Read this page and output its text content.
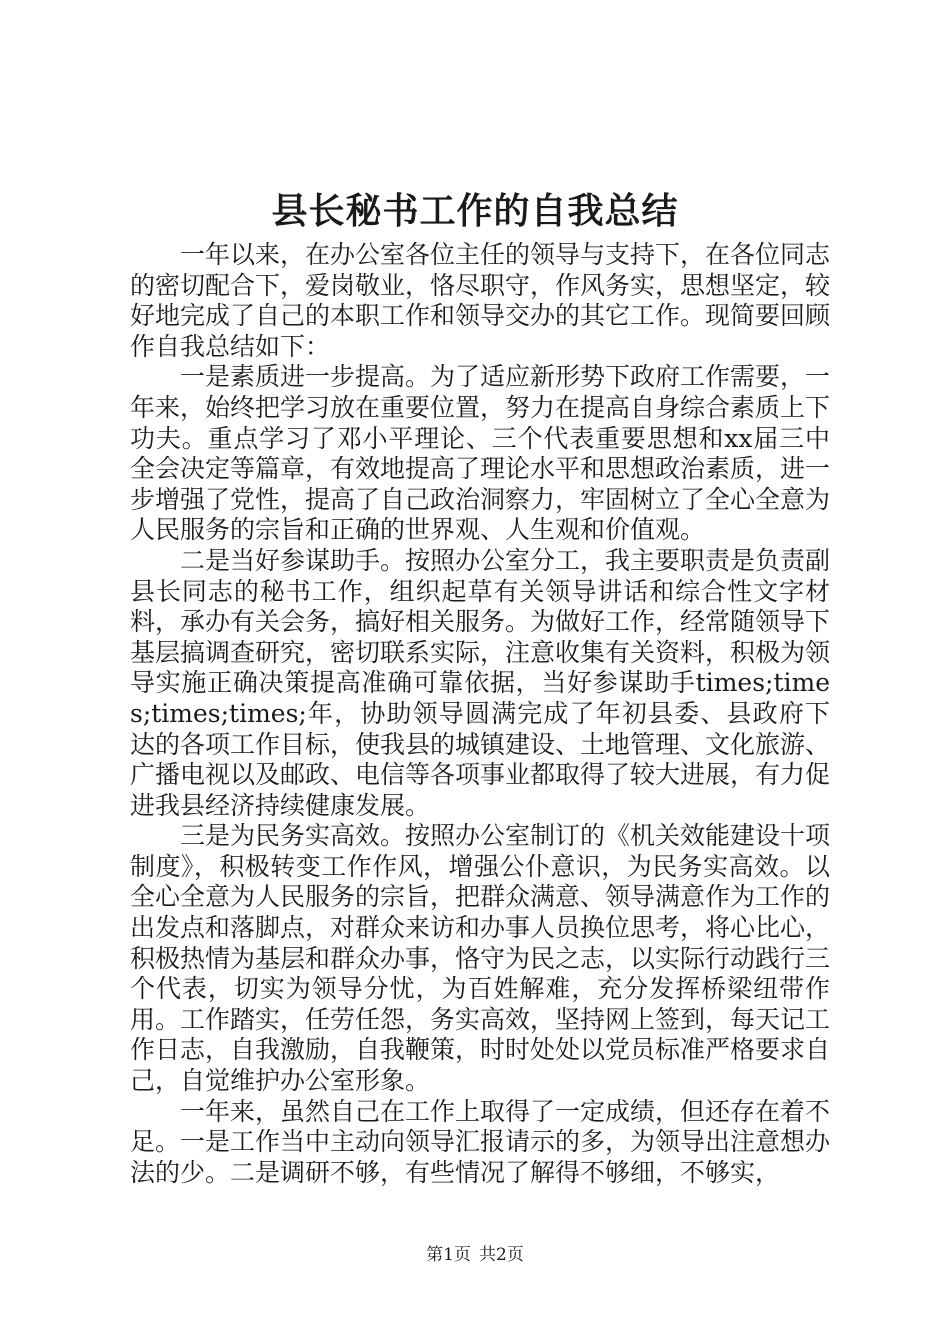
县长秘书工作的自我总结

一年以来，在办公室各位主任的领导与支持下，在各位同志的密切配合下，爱岗敬业，恪尽职守，作风务实，思想坚定，较好地完成了自己的本职工作和领导交办的其它工作。现简要回顾作自我总结如下：

一是素质进一步提高。为了适应新形势下政府工作需要，一年来，始终把学习放在重要位置，努力在提高自身综合素质上下功夫。重点学习了邓小平理论、三个代表重要思想和xx届三中全会决定等篇章，有效地提高了理论水平和思想政治素质，进一步增强了党性，提高了自己政治洞察力，牢固树立了全心全意为人民服务的宗旨和正确的世界观、人生观和价值观。

二是当好参谋助手。按照办公室分工，我主要职责是负责副县长同志的秘书工作，组织起草有关领导讲话和综合性文字材料，承办有关会务，搞好相关服务。为做好工作，经常随领导下基层搞调查研究，密切联系实际，注意收集有关资料，积极为领导实施正确决策提高准确可靠依据，当好参谋助手times;times;times;times;年，协助领导圆满完成了年初县委、县政府下达的各项工作目标，使我县的城镇建设、土地管理、文化旅游、广播电视以及邮政、电信等各项事业都取得了较大进展，有力促进我县经济持续健康发展。

三是为民务实高效。按照办公室制订的《机关效能建设十项制度》，积极转变工作作风，增强公仆意识，为民务实高效。以全心全意为人民服务的宗旨，把群众满意、领导满意作为工作的出发点和落脚点，对群众来访和办事人员换位思考，将心比心，积极热情为基层和群众办事，恪守为民之志，以实际行动践行三个代表，切实为领导分忧，为百姓解难，充分发挥桥梁纽带作用。工作踏实，任劳任怨，务实高效，坚持网上签到，每天记工作日志，自我激励，自我鞭策，时时处处以党员标准严格要求自己，自觉维护办公室形象。

一年来，虽然自己在工作上取得了一定成绩，但还存在着不足。一是工作当中主动向领导汇报请示的多，为领导出注意想办法的少。二是调研不够，有些情况了解得不够细，不够实，

第1页 共2页
